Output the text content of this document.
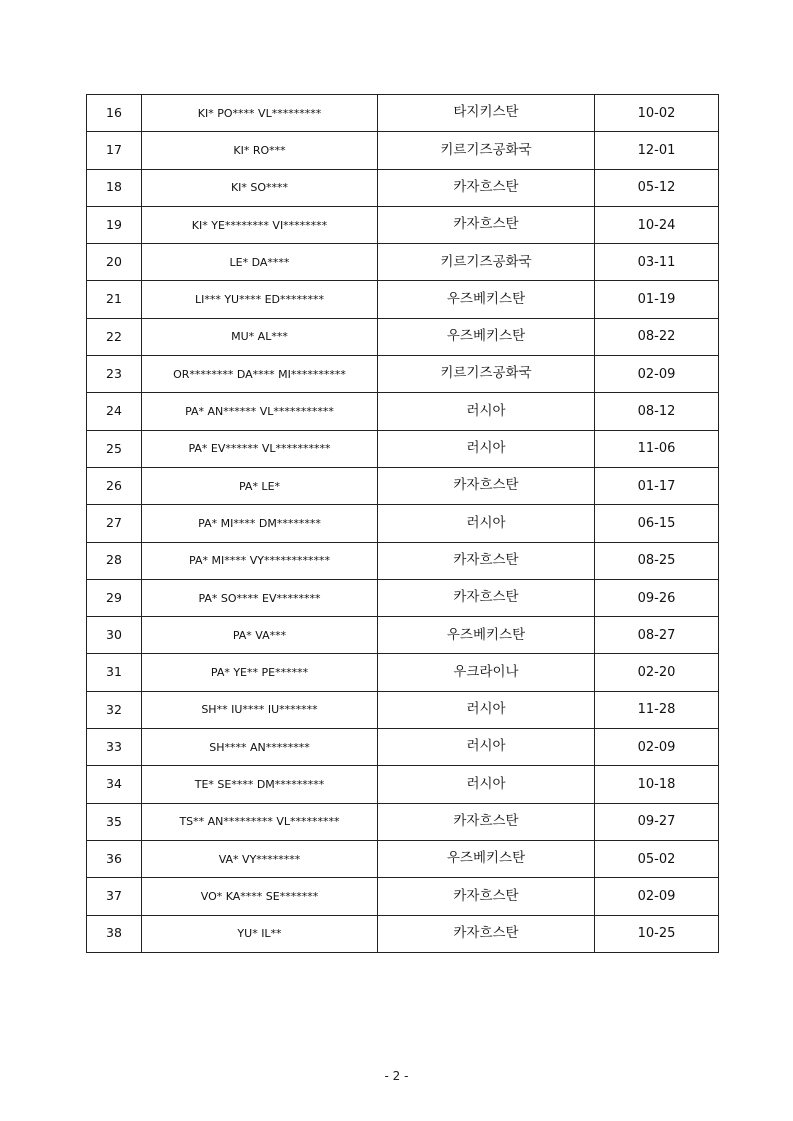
16	KI* PO**** VL*********	타지키스탄	10-02
17	KI* RO***	키르기즈공화국	12-01
18	KI* SO****	카자흐스탄	05-12
19	KI* YE******** VI********	카자흐스탄	10-24
20	LE* DA****	키르기즈공화국	03-11
21	LI*** YU**** ED********	우즈베키스탄	01-19
22	MU* AL***	우즈베키스탄	08-22
23	OR******** DA**** MI**********	키르기즈공화국	02-09
24	PA* AN****** VL***********	러시아	08-12
25	PA* EV****** VL**********	러시아	11-06
26	PA* LE*	카자흐스탄	01-17
27	PA* MI**** DM********	러시아	06-15
28	PA* MI**** VY************	카자흐스탄	08-25
29	PA* SO**** EV********	카자흐스탄	09-26
30	PA* VA***	우즈베키스탄	08-27
31	PA* YE** PE******	우크라이나	02-20
32	SH** IU**** IU*******	러시아	11-28
33	SH**** AN********	러시아	02-09
34	TE* SE**** DM*********	러시아	10-18
35	TS** AN********* VL*********	카자흐스탄	09-27
36	VA* VY********	우즈베키스탄	05-02
37	VO* KA**** SE*******	카자흐스탄	02-09
38	YU* IL**	카자흐스탄	10-25
- 2 -
